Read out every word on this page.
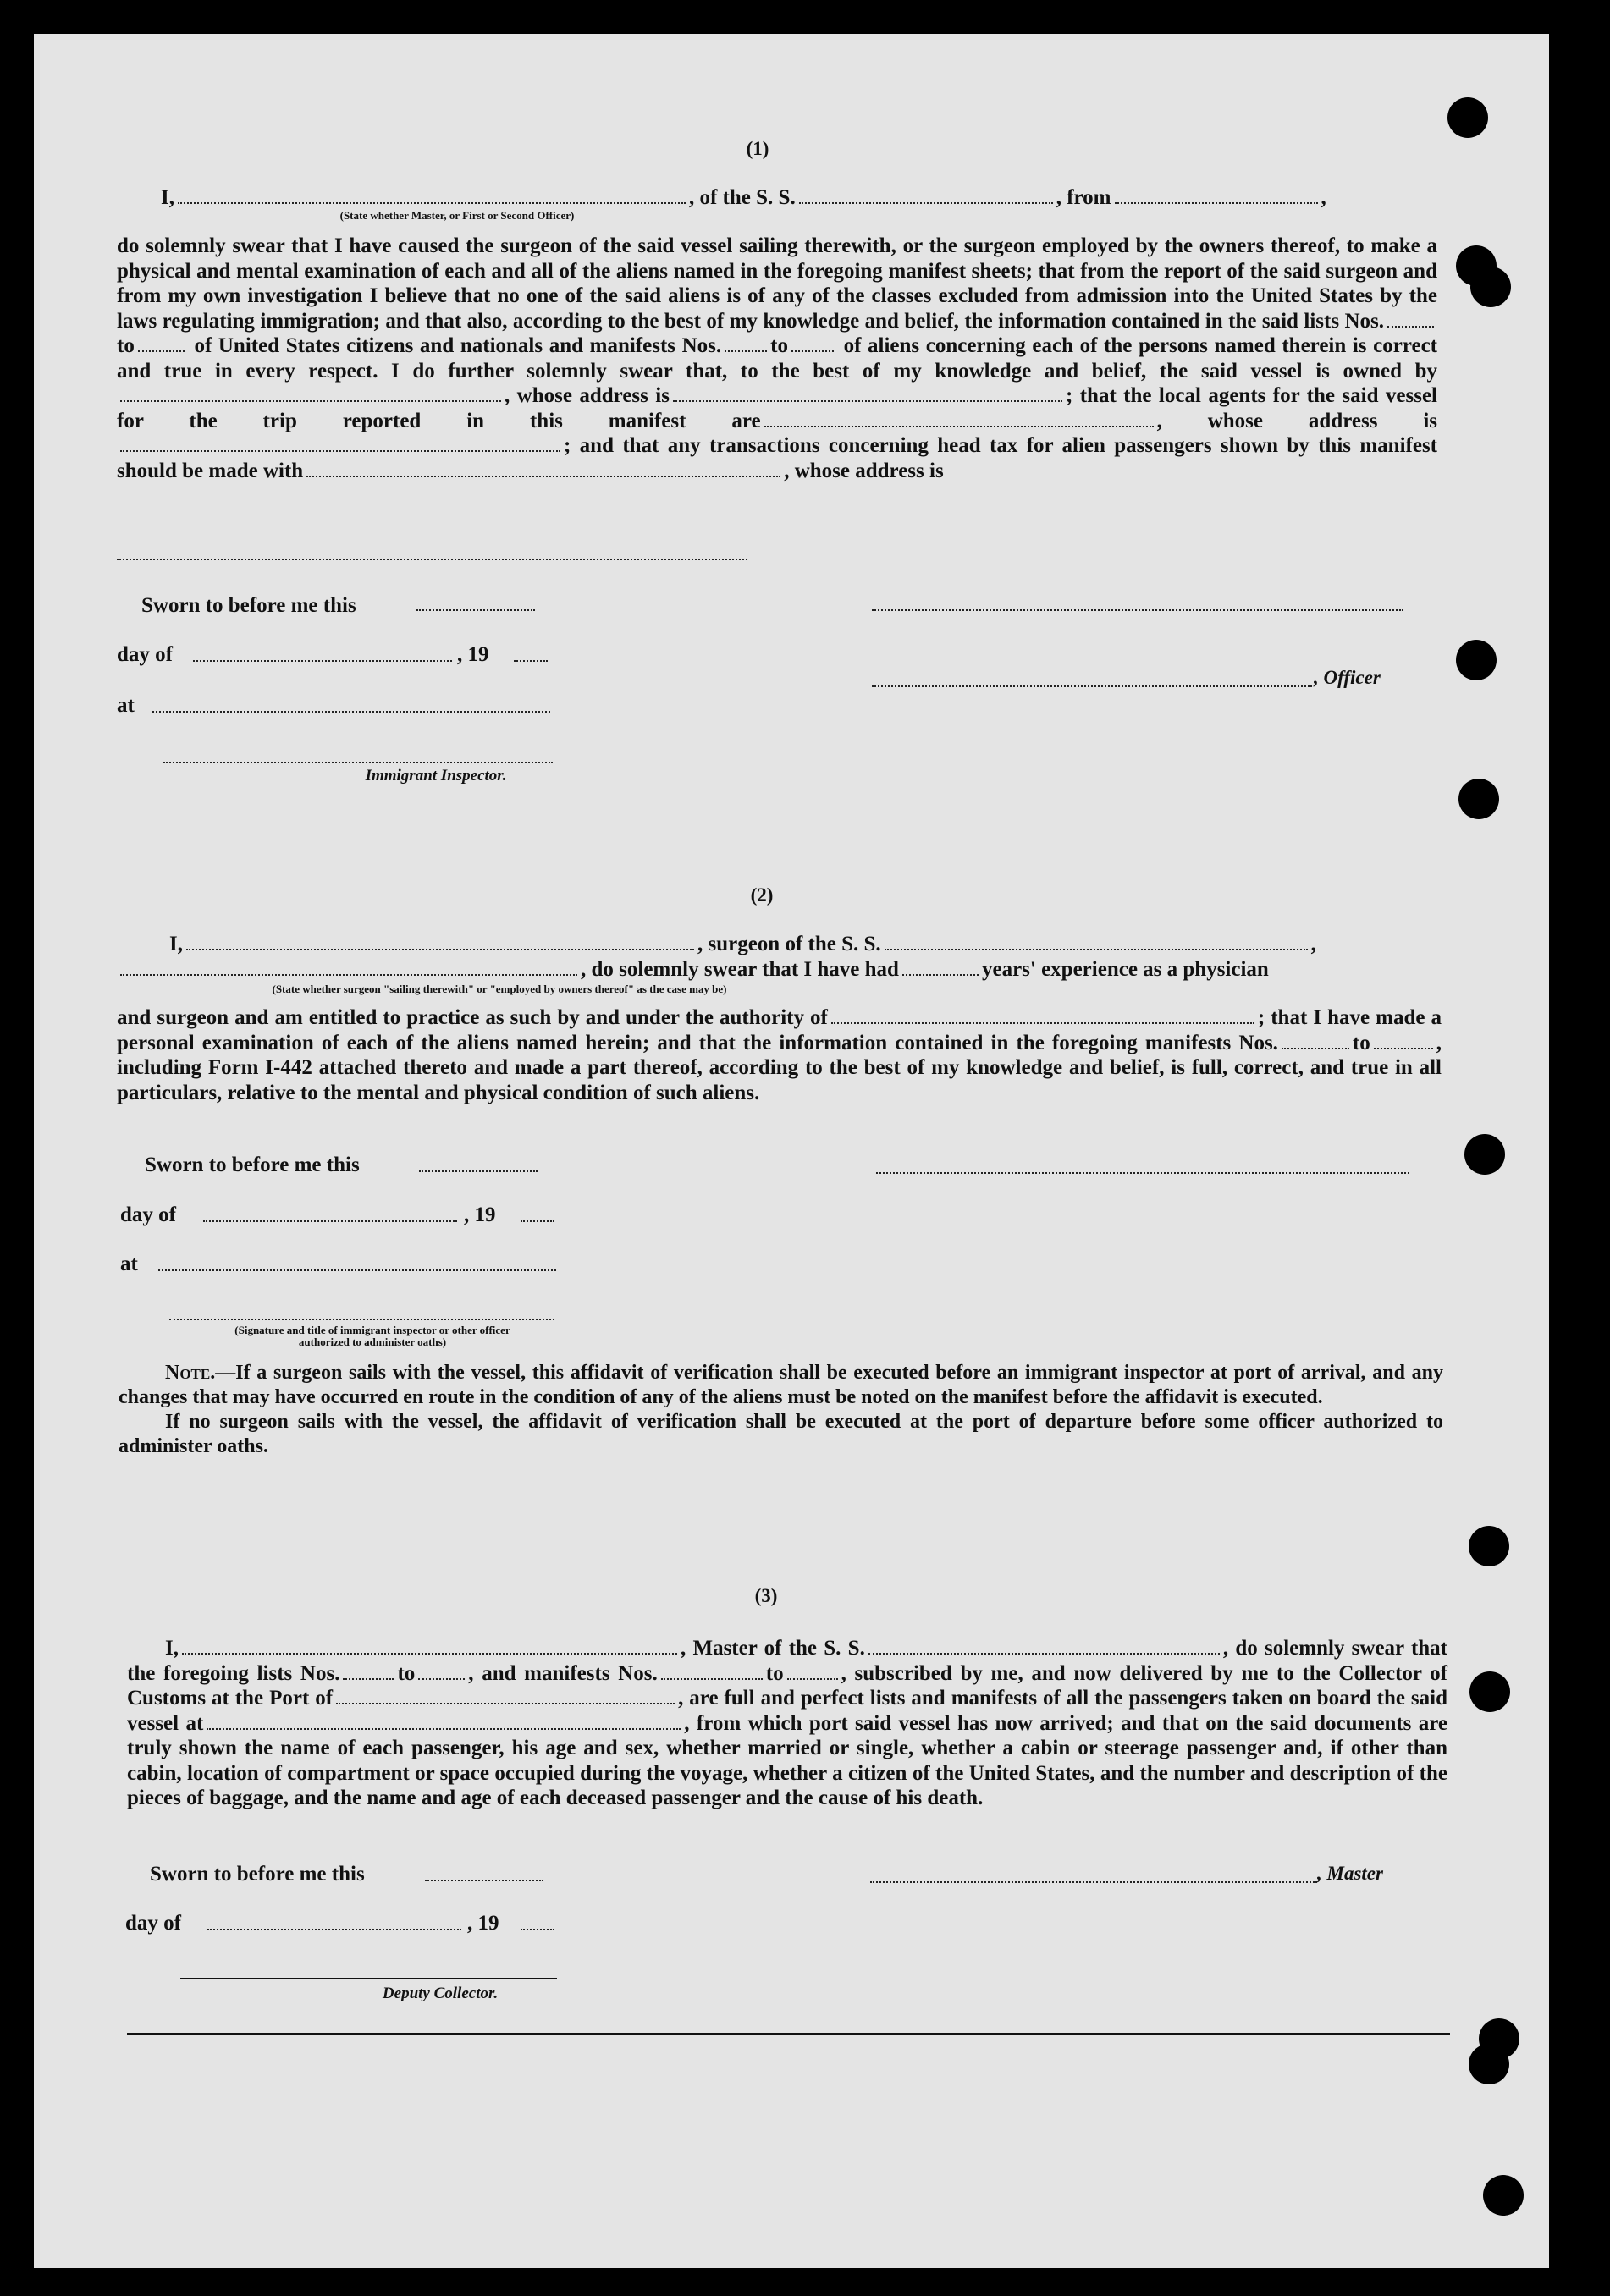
(1)
I,	, of the S. S.	, from	,
(State whether Master, or First or Second Officer)
do solemnly swear that I have caused the surgeon of the said vessel sailing therewith, or the surgeon employed by the owners thereof, to make a physical and mental examination of each and all of the aliens named in the foregoing manifest sheets; that from the report of the said surgeon and from my own investigation I believe that no one of the said aliens is of any of the classes excluded from admission into the United States by the laws regulating immigration; and that also, according to the best of my knowledge and belief, the information contained in the said lists Nos.to	of United States citizens and nationals and manifests Nos. to	of aliens concerning each of the persons named therein is correct and true in every respect. I do further solemnly swear that, to the best of my knowledge and belief, the said vessel is owned by, whose address is	; that the local agents for the said vessel for the trip reported in this manifest are	, whose address is; and that any transactions concerning head tax for alien passengers shown by this manifest should be made with	, whose address is
Sworn to before me this
day of	, 19
, Officer
at
Immigrant Inspector.
(2)
I,	, surgeon of the S. S.	,
, do solemnly swear that I have had	years' experience as a physician
(State whether surgeon "sailing therewith" or "employed by owners thereof" as the case may be)
and surgeon and am entitled to practice as such by and under the authority of	; that I have made a personal examination of each of the aliens named herein; and that the information contained in the foregoing manifests Nos.	to	, including Form I-442 attached thereto and made a part thereof, according to the best of my knowledge and belief, is full, correct, and true in all particulars, relative to the mental and physical condition of such aliens.
Sworn to before me this
day of	, 19
at
(Signature and title of immigrant inspector or other officer authorized to administer oaths)

Note.—If a surgeon sails with the vessel, this affidavit of verification shall be executed before an immigrant inspector at port of arrival, and any changes that may have occurred en route in the condition of any of the aliens must be noted on the manifest before the affidavit is executed.

If no surgeon sails with the vessel, the affidavit of verification shall be executed at the port of departure before some officer authorized to administer oaths.

(3)
I,	, Master of the S. S.	, do solemnly swear that the foregoing lists Nos.	to	, and manifests Nos.	to	, subscribed by me, and now delivered by me to the Collector of Customs at the Port of	, are full and perfect lists and manifests of all the passengers taken on board the said vessel at	, from which port said vessel has now arrived; and that on the said documents are truly shown the name of each passenger, his age and sex, whether married or single, whether a cabin or steerage passenger and, if other than cabin, location of compartment or space occupied during the voyage, whether a citizen of the United States, and the number and description of the pieces of baggage, and the name and age of each deceased passenger and the cause of his death.
Sworn to before me this	, Master
day of	, 19
Deputy Collector.
